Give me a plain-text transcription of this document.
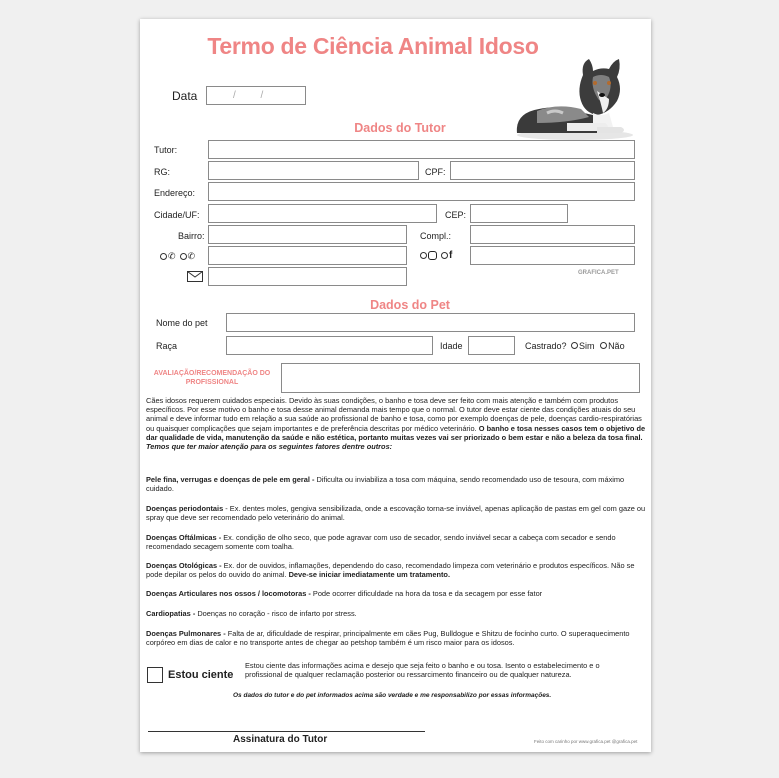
Termo de Ciência Animal Idoso
Data	/ /
Dados do Tutor
Tutor:
RG:	CPF:
Endereço:
Cidade/UF:	CEP:
Bairro:	Compl.:
✆ ✆	f
GRAFICA.PET
Dados do Pet
Nome do pet
Raça	Idade	Castrado? Sim Não
AVALIAÇÃO/RECOMENDAÇÃO DO PROFISSIONAL
Cães idosos requerem cuidados especiais. Devido às suas condições, o banho e tosa deve ser feito com mais atenção e também com produtos específicos. Por esse motivo o banho e tosa desse animal demanda mais tempo que o normal. O tutor deve estar ciente das condições atuais do seu animal e deve informar tudo em relação a sua saúde ao profissional de banho e tosa, como por exemplo doenças de pele, doenças cardio-respiratórias ou quaisquer complicações que sejam importantes e de preferência descritas por médico veterinário. O banho e tosa nesses casos tem o objetivo de dar qualidade de vida, manutenção da saúde e não estética, portanto muitas vezes vai ser priorizado o bem estar e não a beleza da tosa final. Temos que ter maior atenção para os seguintes fatores dentre outros:
Pele fina, verrugas e doenças de pele em geral - Dificulta ou inviabiliza a tosa com máquina, sendo recomendado uso de tesoura, com máximo cuidado.
Doenças periodontais - Ex. dentes moles, gengiva sensibilizada, onde a escovação torna-se inviável, apenas aplicação de pastas em gel com gaze ou spray que deve ser recomendado pelo veterinário do animal.
Doenças Oftálmicas - Ex. condição de olho seco, que pode agravar com uso de secador, sendo inviável secar a cabeça com secador e sendo recomendado secagem somente com toalha.
Doenças Otológicas - Ex. dor de ouvidos, inflamações, dependendo do caso, recomendado limpeza com veterinário e produtos específicos. Não se pode depilar os pelos do ouvido do animal. Deve-se iniciar imediatamente um tratamento.
Doenças Articulares nos ossos / locomotoras - Pode ocorrer dificuldade na hora da tosa e da secagem por esse fator
Cardiopatias - Doenças no coração - risco de infarto por stress.
Doenças Pulmonares - Falta de ar, dificuldade de respirar, principalmente em cães Pug, Bulldogue e Shitzu de focinho curto. O superaquecimento corpóreo em dias de calor e no transporte antes de chegar ao petshop também é um risco maior para os idosos.
Estou ciente
Estou ciente das informações acima e desejo que seja feito o banho e ou tosa. Isento o estabelecimento e o profissional de qualquer reclamação posterior ou ressarcimento financeiro ou de qualquer natureza.
Os dados do tutor e do pet informados acima são verdade e me responsabilizo por essas informações.
Assinatura do Tutor	Feito com carinho por www.grafica.pet @grafica.pet
